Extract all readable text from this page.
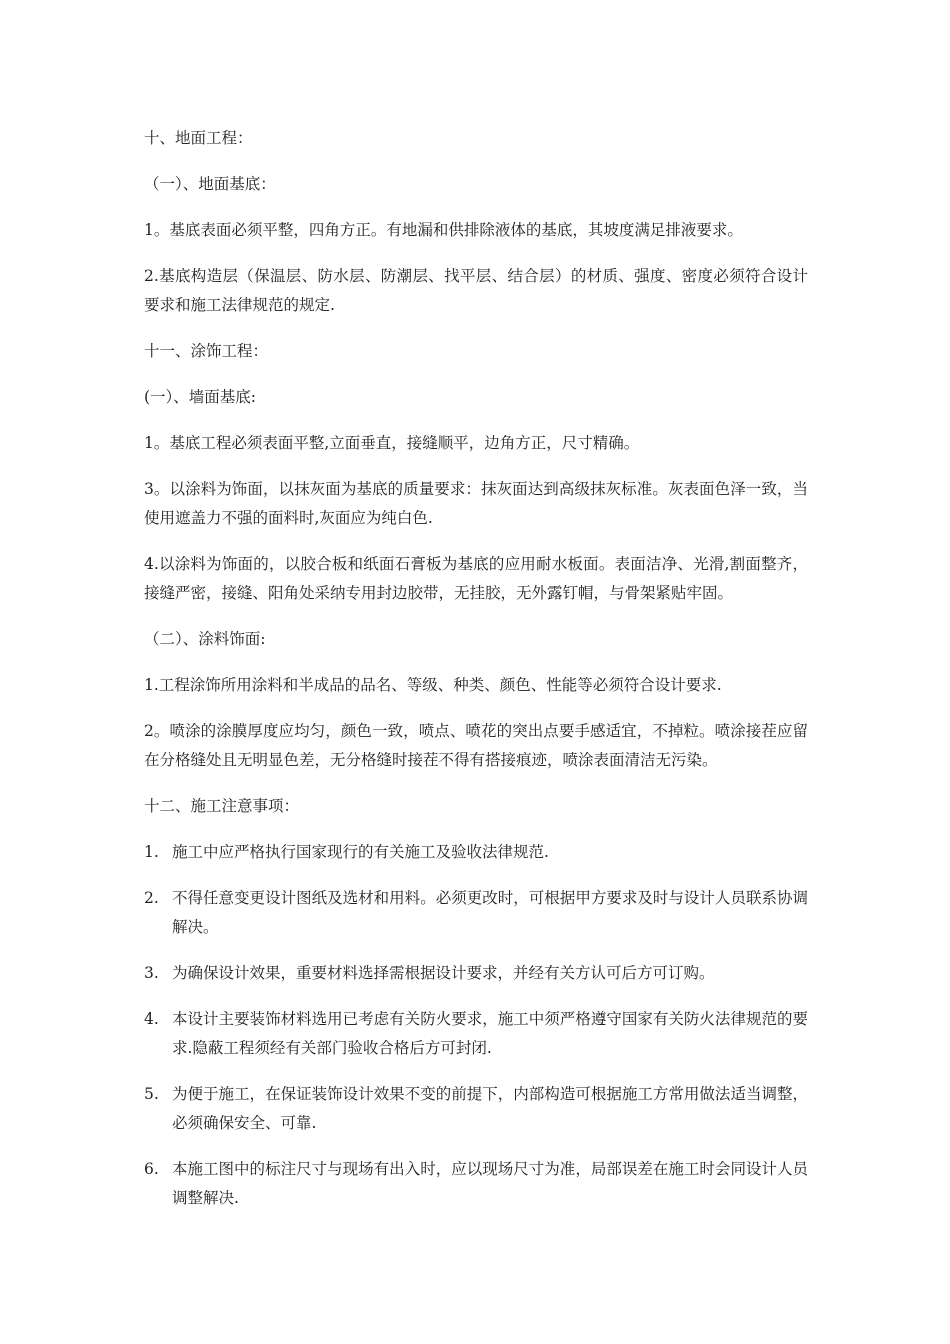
十、地面工程：

（一）、地面基底：

1。基底表面必须平整，四角方正。有地漏和供排除液体的基底，其坡度满足排液要求。

2.基底构造层（保温层、防水层、防潮层、找平层、结合层）的材质、强度、密度必须符合设计要求和施工法律规范的规定.

十一、涂饰工程：

(一）、墙面基底:

1。基底工程必须表面平整,立面垂直，接缝顺平，边角方正，尺寸精确。

3。以涂料为饰面，以抹灰面为基底的质量要求：抹灰面达到高级抹灰标准。灰表面色泽一致，当使用遮盖力不强的面料时,灰面应为纯白色.

4.以涂料为饰面的，以胶合板和纸面石膏板为基底的应用耐水板面。表面洁净、光滑,割面整齐，接缝严密，接缝、阳角处采纳专用封边胶带，无挂胶，无外露钉帽，与骨架紧贴牢固。

（二）、涂料饰面:

1.工程涂饰所用涂料和半成品的品名、等级、种类、颜色、性能等必须符合设计要求.

2。喷涂的涂膜厚度应均匀，颜色一致，喷点、喷花的突出点要手感适宜，不掉粒。喷涂接茬应留在分格缝处且无明显色差，无分格缝时接茬不得有搭接痕迹，喷涂表面清洁无污染。

十二、施工注意事项：

1. 施工中应严格执行国家现行的有关施工及验收法律规范.
2. 不得任意变更设计图纸及选材和用料。必须更改时，可根据甲方要求及时与设计人员联系协调解决。
3. 为确保设计效果，重要材料选择需根据设计要求，并经有关方认可后方可订购。
4. 本设计主要装饰材料选用已考虑有关防火要求，施工中须严格遵守国家有关防火法律规范的要求.隐蔽工程须经有关部门验收合格后方可封闭.
5. 为便于施工，在保证装饰设计效果不变的前提下，内部构造可根据施工方常用做法适当调整，必须确保安全、可靠.
6. 本施工图中的标注尺寸与现场有出入时，应以现场尺寸为准，局部误差在施工时会同设计人员调整解决.
